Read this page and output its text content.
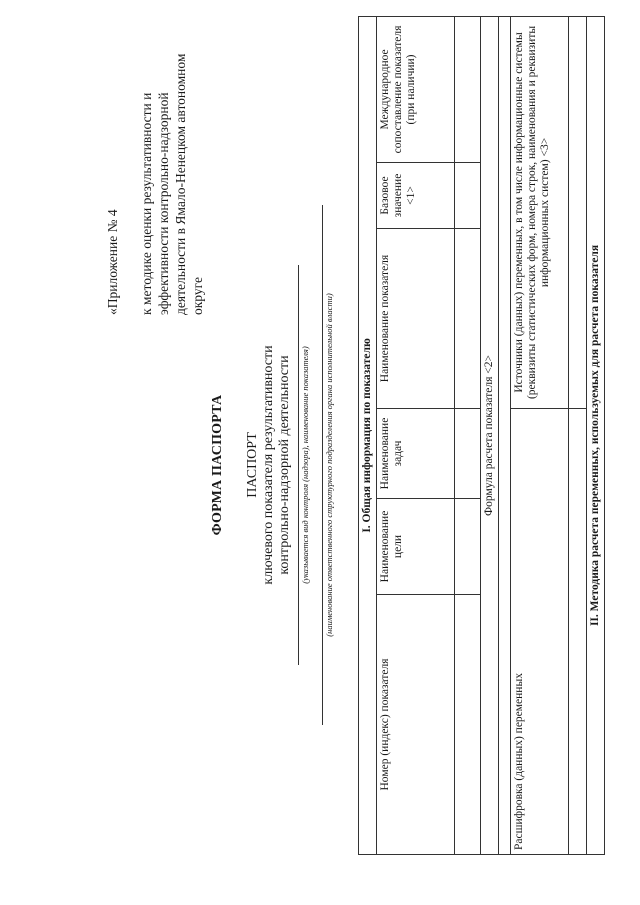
«Приложение № 4 к методике оценки результативности и эффективности контрольно-надзорной деятельности в Ямало-Ненецком автономном округе
ФОРМА ПАСПОРТА ПАСПОРТ ключевого показателя результативности контрольно-надзорной деятельности (указывается вид контроля (надзора), наименование показателя) (наименование ответственного структурного подразделения органа исполнительной власти) I. Общая информация по показателю					
Номер (индекс) показателя	Наименование цели	Наименование задач	Наименование показателя	Базовое значение <1>	Международное сопоставление показателя (при наличии)

Формула расчета показателя <2>					

Расшифровка (данных) переменных			Источники (данных) переменных, в том числе информационные системы (реквизиты статистических форм, номера строк, наименования и реквизиты информационных систем) <3>		

II. Методика расчета переменных, используемых для расчета показателя					
